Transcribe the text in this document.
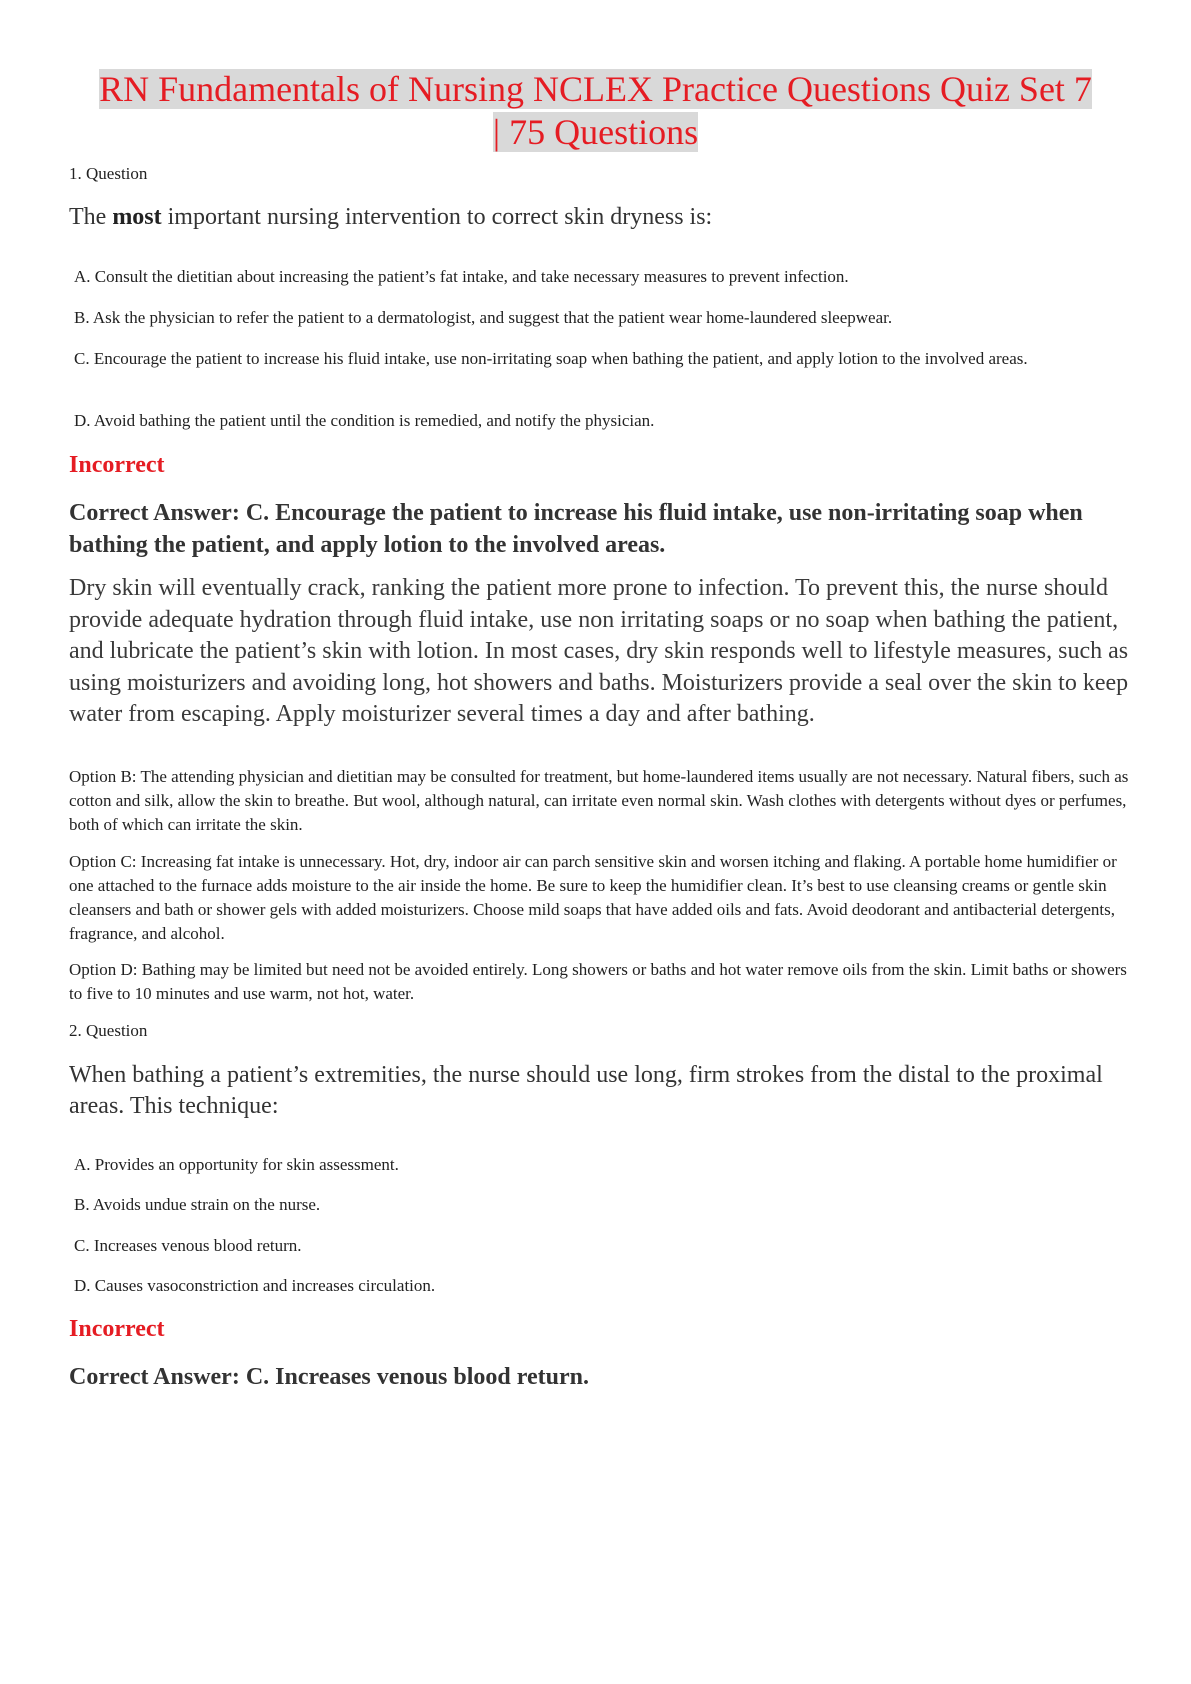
RN Fundamentals of Nursing NCLEX Practice Questions Quiz Set 7
| 75 Questions
1. Question
The most important nursing intervention to correct skin dryness is:
A. Consult the dietitian about increasing the patient’s fat intake, and take necessary measures to prevent infection.
B. Ask the physician to refer the patient to a dermatologist, and suggest that the patient wear home-laundered sleepwear.
C. Encourage the patient to increase his fluid intake, use non-irritating soap when bathing the patient, and apply lotion to the involved areas.
D. Avoid bathing the patient until the condition is remedied, and notify the physician.
Incorrect
Correct Answer: C. Encourage the patient to increase his fluid intake, use non-irritating soap when bathing the patient, and apply lotion to the involved areas.
Dry skin will eventually crack, ranking the patient more prone to infection. To prevent this, the nurse should provide adequate hydration through fluid intake, use non irritating soaps or no soap when bathing the patient, and lubricate the patient’s skin with lotion. In most cases, dry skin responds well to lifestyle measures, such as using moisturizers and avoiding long, hot showers and baths. Moisturizers provide a seal over the skin to keep water from escaping. Apply moisturizer several times a day and after bathing.
Option B: The attending physician and dietitian may be consulted for treatment, but home-laundered items usually are not necessary. Natural fibers, such as cotton and silk, allow the skin to breathe. But wool, although natural, can irritate even normal skin. Wash clothes with detergents without dyes or perfumes, both of which can irritate the skin.
Option C: Increasing fat intake is unnecessary. Hot, dry, indoor air can parch sensitive skin and worsen itching and flaking. A portable home humidifier or one attached to the furnace adds moisture to the air inside the home. Be sure to keep the humidifier clean. It’s best to use cleansing creams or gentle skin cleansers and bath or shower gels with added moisturizers. Choose mild soaps that have added oils and fats. Avoid deodorant and antibacterial detergents, fragrance, and alcohol.
Option D: Bathing may be limited but need not be avoided entirely. Long showers or baths and hot water remove oils from the skin. Limit baths or showers to five to 10 minutes and use warm, not hot, water.
2. Question
When bathing a patient’s extremities, the nurse should use long, firm strokes from the distal to the proximal areas. This technique:
A. Provides an opportunity for skin assessment.
B. Avoids undue strain on the nurse.
C. Increases venous blood return.
D. Causes vasoconstriction and increases circulation.
Incorrect
Correct Answer: C. Increases venous blood return.
